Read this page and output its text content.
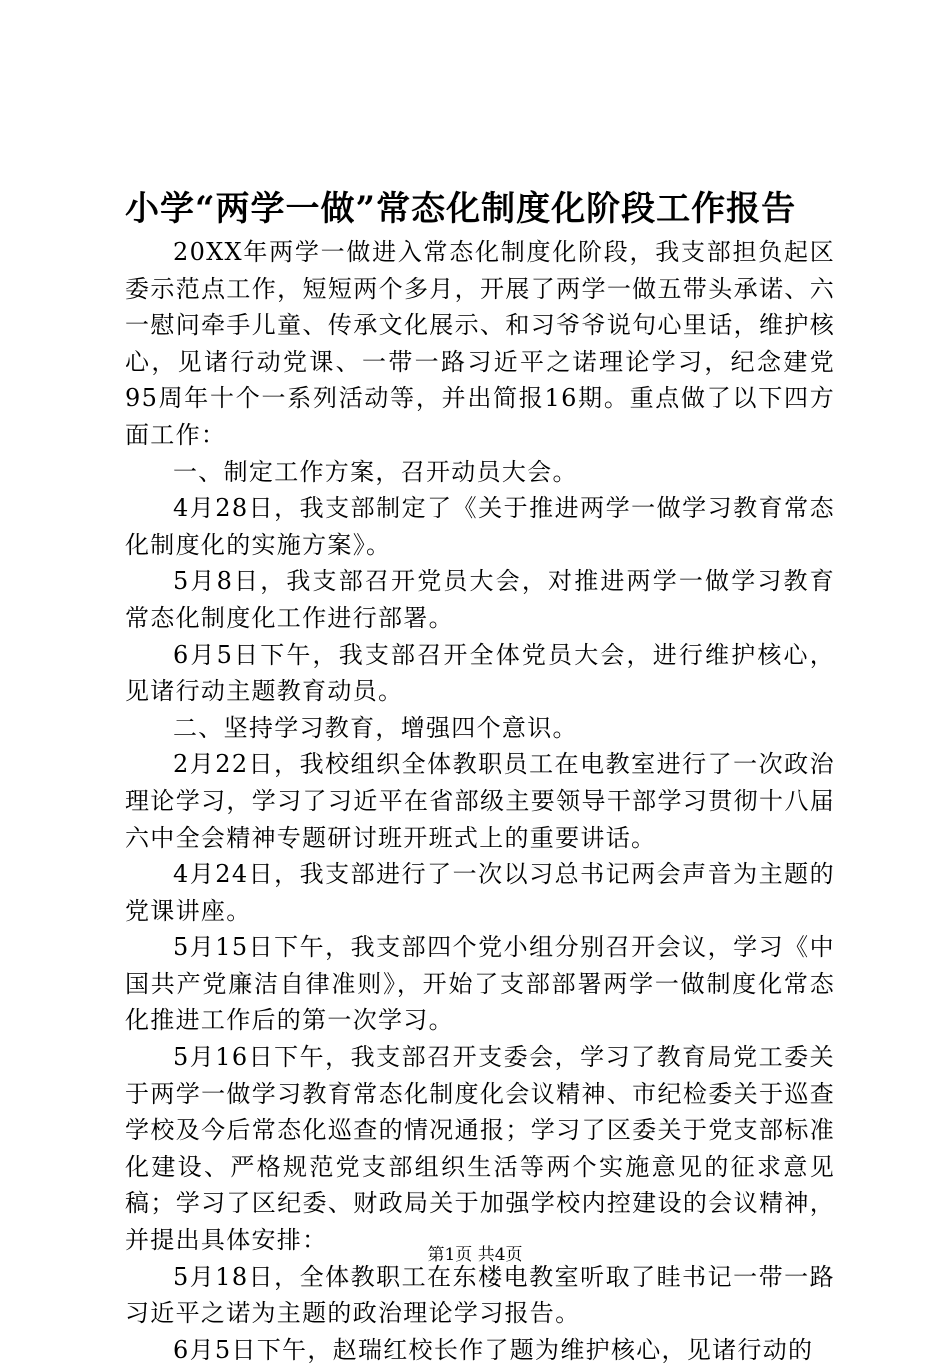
小学“两学一做”常态化制度化阶段工作报告

20XX年两学一做进入常态化制度化阶段，我支部担负起区委示范点工作，短短两个多月，开展了两学一做五带头承诺、六一慰问牵手儿童、传承文化展示、和习爷爷说句心里话，维护核心，见诸行动党课、一带一路习近平之诺理论学习，纪念建党95周年十个一系列活动等，并出简报16期。重点做了以下四方面工作：

一、制定工作方案，召开动员大会。

4月28日，我支部制定了《关于推进两学一做学习教育常态化制度化的实施方案》。

5月8日，我支部召开党员大会，对推进两学一做学习教育常态化制度化工作进行部署。

6月5日下午，我支部召开全体党员大会，进行维护核心，见诸行动主题教育动员。

二、坚持学习教育，增强四个意识。

2月22日，我校组织全体教职员工在电教室进行了一次政治理论学习，学习了习近平在省部级主要领导干部学习贯彻十八届六中全会精神专题研讨班开班式上的重要讲话。

4月24日，我支部进行了一次以习总书记两会声音为主题的党课讲座。

5月15日下午，我支部四个党小组分别召开会议，学习《中国共产党廉洁自律准则》，开始了支部部署两学一做制度化常态化推进工作后的第一次学习。

5月16日下午，我支部召开支委会，学习了教育局党工委关于两学一做学习教育常态化制度化会议精神、市纪检委关于巡查学校及今后常态化巡查的情况通报；学习了区委关于党支部标准化建设、严格规范党支部组织生活等两个实施意见的征求意见稿；学习了区纪委、财政局关于加强学校内控建设的会议精神，并提出具体安排：

5月18日，全体教职工在东楼电教室听取了眭书记一带一路习近平之诺为主题的政治理论学习报告。

6月5日下午，赵瑞红校长作了题为维护核心，见诸行动的

第1页 共4页
